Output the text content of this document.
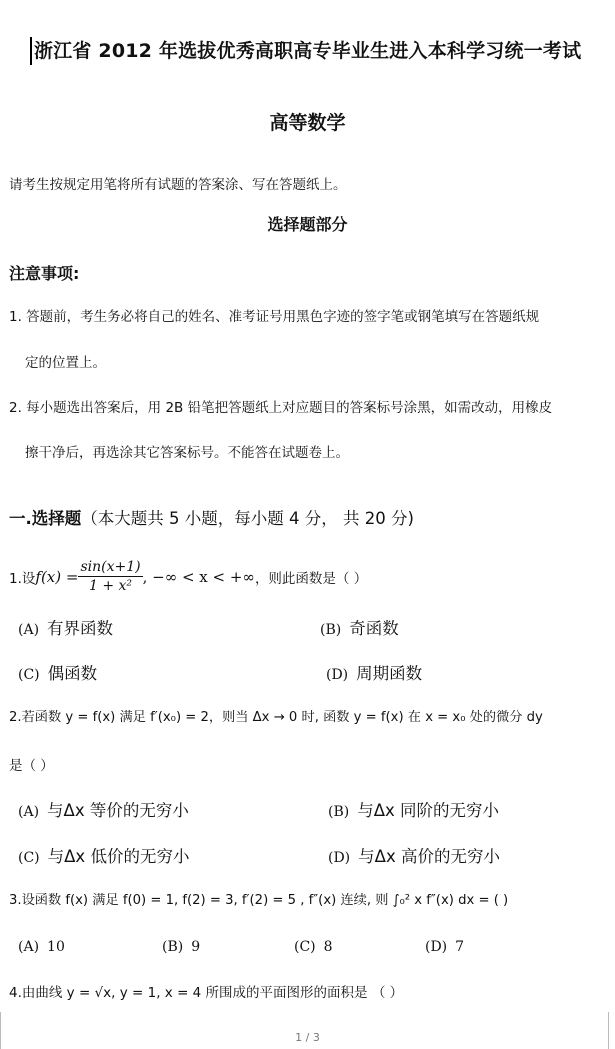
浙江省 2012 年选拔优秀高职高专毕业生进入本科学习统一考试
高等数学
请考生按规定用笔将所有试题的答案涂、写在答题纸上。
选择题部分
注意事项:
1. 答题前，考生务必将自己的姓名、准考证号用黑色字迹的签字笔或钢笔填写在答题纸规
定的位置上。
2. 每小题选出答案后，用 2B 铅笔把答题纸上对应题目的答案标号涂黑，如需改动，用橡皮
擦干净后，再选涂其它答案标号。不能答在试题卷上。
一.选择题（本大题共 5 小题，每小题 4 分， 共 20 分)
1.设 $f(x) = \frac{\sin(x+1)}{\text{1 + x²}}$ , −∞ < x < +∞ ，则此函数是（ ）
(A) 有界函数	(B) 奇函数
(C) 偶函数	(D) 周期函数
2.若函数 y = f(x) 满足 f′(x₀) = 2，则当 Δx → 0 时, 函数 y = f(x) 在 x = x₀ 处的微分 dy
是（ ）
(A) 与Δx 等价的无穷小	(B) 与Δx 同阶的无穷小
(C) 与Δx 低价的无穷小	(D) 与Δx 高价的无穷小
3.设函数 f(x) 满足 f(0) = 1, f(2) = 3, f′(2) = 5 , f″(x) 连续, 则 ∫₀² x f″(x) dx = ( )
(A) 10	(B) 9	(C) 8	(D) 7
4.由曲线 y = √x, y = 1, x = 4 所围成的平面图形的面积是 （ ）
1 / 3
